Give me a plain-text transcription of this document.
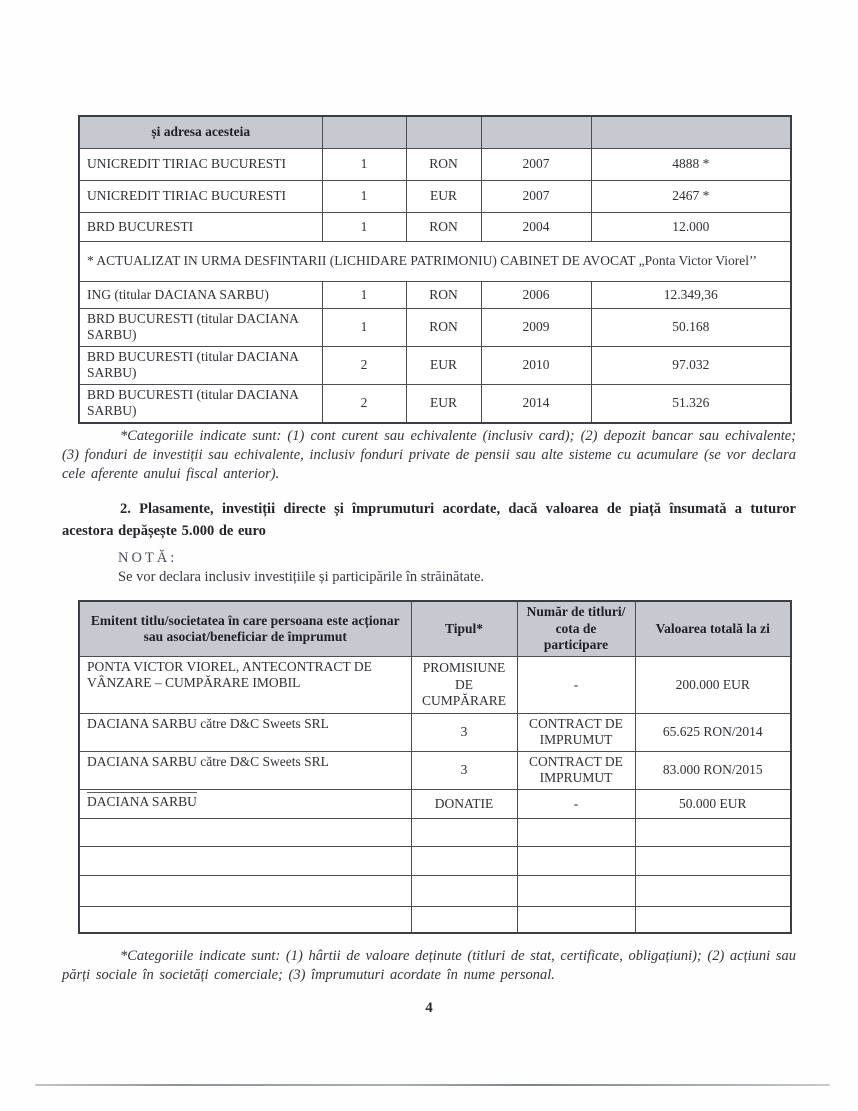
și adresa acesteia				
UNICREDIT TIRIAC BUCURESTI	1	RON	2007	4888 *
UNICREDIT TIRIAC BUCURESTI	1	EUR	2007	2467 *
BRD BUCURESTI	1	RON	2004	12.000
* ACTUALIZAT IN URMA DESFINTARII (LICHIDARE PATRIMONIU) CABINET DE AVOCAT „Ponta Victor Viorel’’				
ING (titular DACIANA SARBU)	1	RON	2006	12.349,36
BRD BUCURESTI (titular DACIANA SARBU)	1	RON	2009	50.168
BRD BUCURESTI (titular DACIANA SARBU)	2	EUR	2010	97.032
BRD BUCURESTI (titular DACIANA SARBU)	2	EUR	2014	51.326

*Categoriile indicate sunt: (1) cont curent sau echivalente (inclusiv card); (2) depozit bancar sau echivalente; (3) fonduri de investiții sau echivalente, inclusiv fonduri private de pensii sau alte sisteme cu acumulare (se vor declara cele aferente anului fiscal anterior).

2. Plasamente, investiții directe și împrumuturi acordate, dacă valoarea de piață însumată a tuturor acestora depășește 5.000 de euro

NOTĂ:
Se vor declara inclusiv investițiile și participările în străinătate.
Emitent titlu/societatea în care persoana este acționar sau asociat/beneficiar de împrumut	Tipul*	Număr de titluri/ cota de participare	Valoarea totală la zi
PONTA VICTOR VIOREL, ANTECONTRACT DE VÂNZARE – CUMPĂRARE IMOBIL	PROMISIUNE DE CUMPĂRARE	-	200.000 EUR
DACIANA SARBU către D&C Sweets SRL	3	CONTRACT DE IMPRUMUT	65.625 RON/2014
DACIANA SARBU către D&C Sweets SRL	3	CONTRACT DE IMPRUMUT	83.000 RON/2015
DACIANA SARBU	DONATIE	-	50.000 EUR

*Categoriile indicate sunt: (1) hârtii de valoare deținute (titluri de stat, certificate, obligațiuni); (2) acțiuni sau părți sociale în societăți comerciale; (3) împrumuturi acordate în nume personal.

4
